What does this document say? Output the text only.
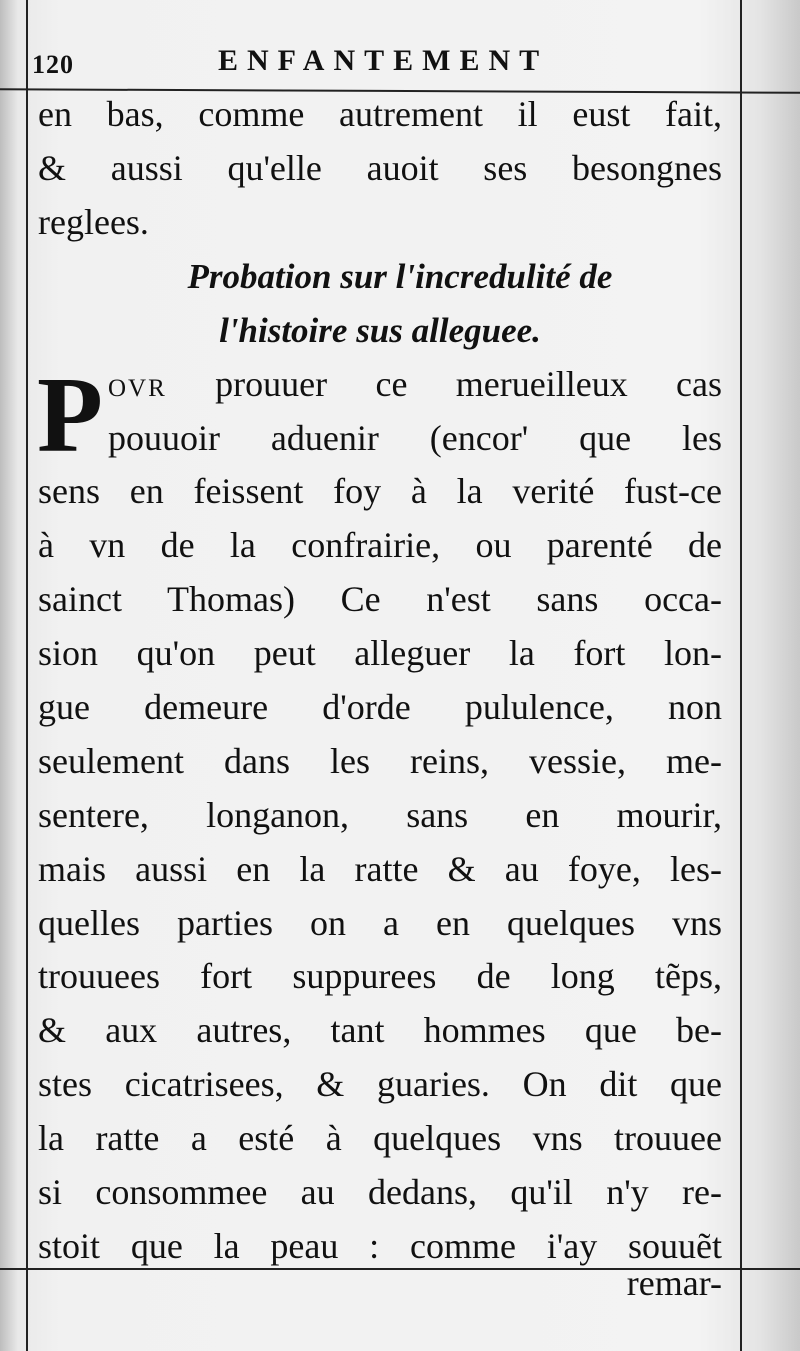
120	ENFANTEMENT
en bas, comme autrement il eust fait,
& aussi qu'elle auoit ses besongnes
reglees.
Probation sur l'incredulité de
l'histoire sus alleguee.
P ovr prouuer ce merueilleux cas
pouuoir aduenir (encor' que les
sens en feissent foy à la verité fust-ce
à vn de la confrairie, ou parenté de
sainct Thomas) Ce n'est sans occa-
sion qu'on peut alleguer la fort lon-
gue demeure d'orde pululence, non
seulement dans les reins, vessie, me-
sentere, longanon, sans en mourir,
mais aussi en la ratte & au foye, les-
quelles parties on a en quelques vns
trouuees fort suppurees de long tẽps,
& aux autres, tant hommes que be-
stes cicatrisees, & guaries. On dit que
la ratte a esté à quelques vns trouuee
si consommee au dedans, qu'il n'y re-
stoit que la peau : comme i'ay souuẽt
remar-
